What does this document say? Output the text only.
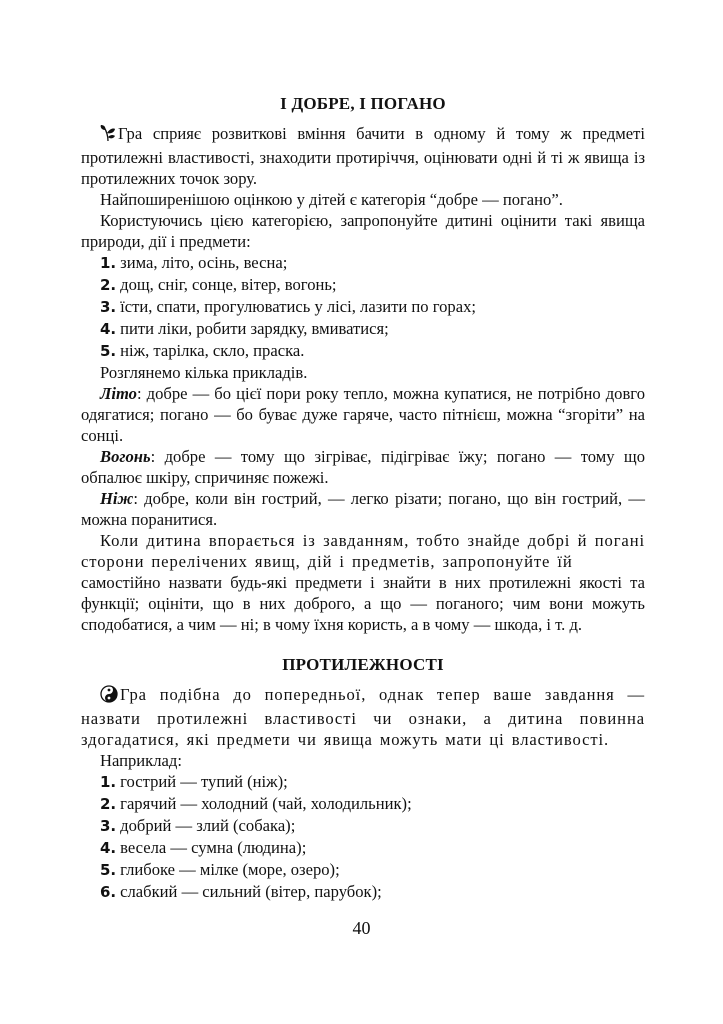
І ДОБРЕ, І ПОГАНО

Гра сприяє розвиткові вміння бачити в одному й тому ж предметі протилежні властивості, знаходити протиріччя, оцінювати одні й ті ж явища із протилежних точок зору.

Найпоширенішою оцінкою у дітей є категорія “добре — погано”.

Користуючись цією категорією, запропонуйте дитині оцінити такі явища природи, дії і предмети:

1. зима, літо, осінь, весна;

2. дощ, сніг, сонце, вітер, вогонь;

3. їсти, спати, прогулюватись у лісі, лазити по горах;

4. пити ліки, робити зарядку, вмиватися;

5. ніж, тарілка, скло, праска.

Розглянемо кілька прикладів.

Літо: добре — бо цієї пори року тепло, можна купатися, не потрібно довго одягатися; погано — бо буває дуже гаряче, часто пітнієш, можна “згоріти” на сонці.

Вогонь: добре — тому що зігріває, підігріває їжу; погано — тому що обпалює шкіру, спричиняє пожежі.

Ніж: добре, коли він гострий, — легко різати; погано, що він гострий, — можна поранитися.

Коли дитина впорається із завданням, тобто знайде добрі й погані сторони перелічених явищ, дій і предметів, запропонуйте їй

самостійно назвати будь-які предмети і знайти в них протилежні якості та функції; оцініти, що в них доброго, а що — поганого; чим вони можуть сподобатися, а чим — ні; в чому їхня користь, а в чому — шкода, і т. д.

ПРОТИЛЕЖНОСТІ

Гра подібна до попередньої, однак тепер ваше завдання — назвати протилежні властивості чи ознаки, а дитина повинна здогадатися, які предмети чи явища можуть мати ці властивості.

Наприклад:

1. гострий — тупий (ніж);

2. гарячий — холодний (чай, холодильник);

3. добрий — злий (собака);

4. весела — сумна (людина);

5. глибоке — мілке (море, озеро);

6. слабкий — сильний (вітер, парубок);

40
